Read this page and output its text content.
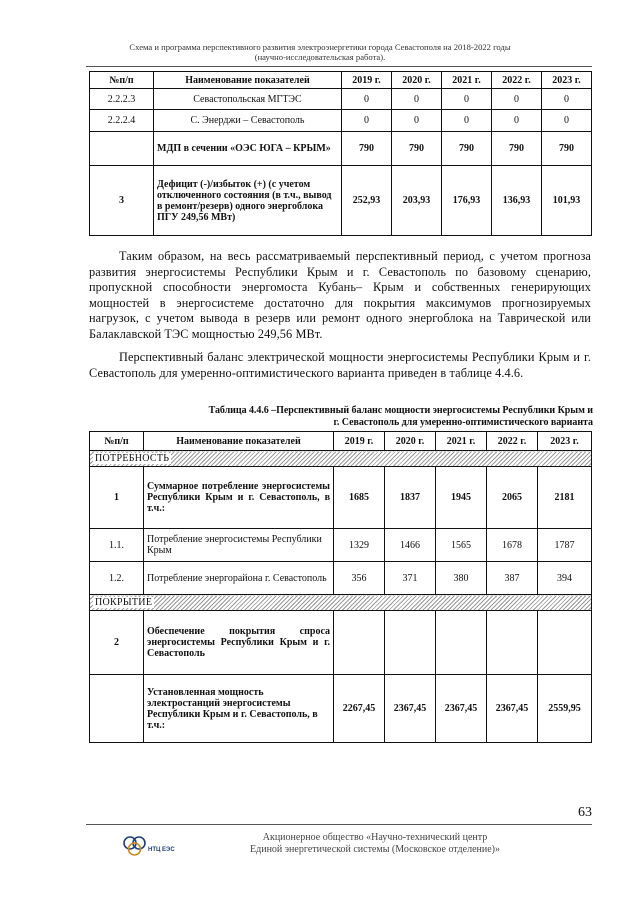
Схема и программа перспективного развития электроэнергетики города Севастополя на 2018-2022 годы
(научно-исследовательская работа).
№п/п	Наименование показателей	2019 г.	2020 г.	2021 г.	2022 г.	2023 г.
2.2.2.3	Севастопольская МГТЭС	0	0	0	0	0
2.2.2.4	С. Энерджи – Севастополь	0	0	0	0	0
	МДП в сечении «ОЭС ЮГА – КРЫМ»	790	790	790	790	790
3	Дефицит (-)/избыток (+) (с учетом отключенного состояния (в т.ч., вывод в ремонт/резерв) одного энергоблока ПГУ 249,56 МВт)	252,93	203,93	176,93	136,93	101,93

Таким образом, на весь рассматриваемый перспективный период, с учетом прогноза развития энергосистемы Республики Крым и г. Севастополь по базовому сценарию, пропускной способности энергомоста Кубань– Крым и собственных генерирующих мощностей в энергосистеме достаточно для покрытия максимумов прогнозируемых нагрузок, с учетом вывода в резерв или ремонт одного энергоблока на Таврической или Балаклавской ТЭС мощностью 249,56 МВт.

Перспективный баланс электрической мощности энергосистемы Республики Крым и г. Севастополь для умеренно-оптимистического варианта приведен в таблице 4.4.6.

Таблица 4.4.6 –Перспективный баланс мощности энергосистемы Республики Крым и
г. Севастополь для умеренно-оптимистического варианта
№п/п	Наименование показателей	2019 г.	2020 г.	2021 г.	2022 г.	2023 г.
ПОТРЕБНОСТЬ						
1	Суммарное потребление энергосистемы Республики Крым и г. Севастополь, в т.ч.:	1685	1837	1945	2065	2181
1.1.	Потребление энергосистемы Республики Крым	1329	1466	1565	1678	1787
1.2.	Потребление энергорайона г. Севастополь	356	371	380	387	394
ПОКРЫТИЕ						
2	Обеспечение покрытия спроса энергосистемы Республики Крым и г. Севастополь					
	Установленная мощность электростанций энергосистемы Республики Крым и г. Севастополь, в т.ч.:	2267,45	2367,45	2367,45	2367,45	2559,95
63
НТЦ ЕЭС
Акционерное общество «Научно-технический центр
Единой энергетической системы (Московское отделение)»
